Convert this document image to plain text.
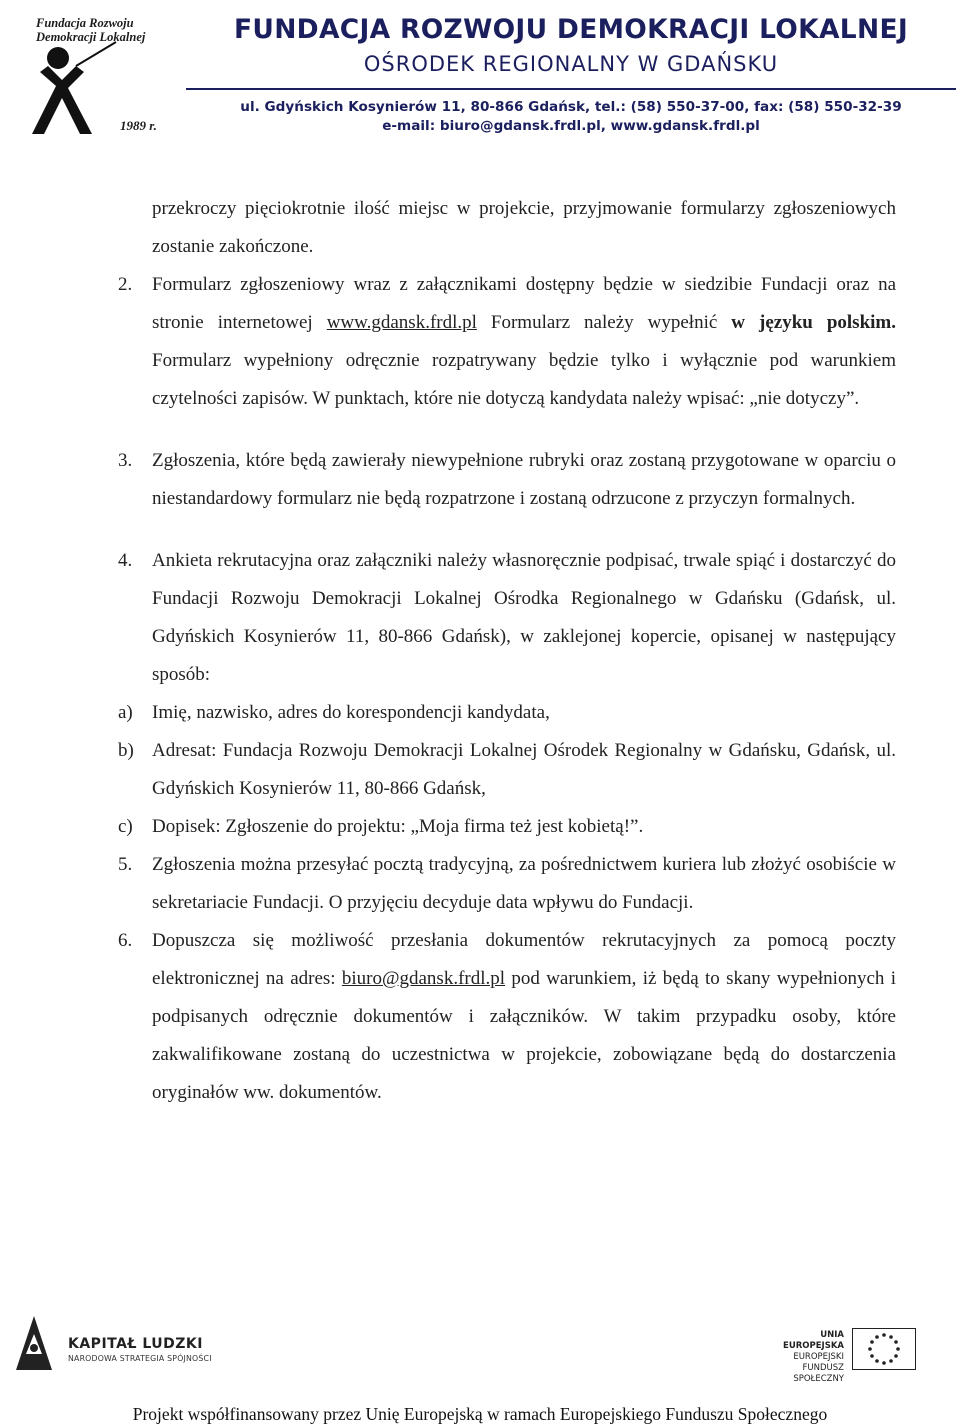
Fundacja Rozwoju
Demokracji Lokalnej
1989 r.
FUNDACJA ROZWOJU DEMOKRACJI LOKALNEJ
OŚRODEK REGIONALNY W GDAŃSKU
ul. Gdyńskich Kosynierów 11, 80-866 Gdańsk, tel.: (58) 550-37-00, fax: (58) 550-32-39
e-mail: biuro@gdansk.frdl.pl, www.gdansk.frdl.pl

przekroczy pięciokrotnie ilość miejsc w projekcie, przyjmowanie formularzy zgłoszeniowych zostanie zakończone.

2. Formularz zgłoszeniowy wraz z załącznikami dostępny będzie w siedzibie Fundacji oraz na stronie internetowej www.gdansk.frdl.pl Formularz należy wypełnić w języku polskim. Formularz wypełniony odręcznie rozpatrywany będzie tylko i wyłącznie pod warunkiem czytelności zapisów. W punktach, które nie dotyczą kandydata należy wpisać: „nie dotyczy”.

3. Zgłoszenia, które będą zawierały niewypełnione rubryki oraz zostaną przygotowane w oparciu o niestandardowy formularz nie będą rozpatrzone i zostaną odrzucone z przyczyn formalnych.

4. Ankieta rekrutacyjna oraz załączniki należy własnoręcznie podpisać, trwale spiąć i dostarczyć do Fundacji Rozwoju Demokracji Lokalnej Ośrodka Regionalnego w Gdańsku (Gdańsk, ul. Gdyńskich Kosynierów 11, 80-866 Gdańsk), w zaklejonej kopercie, opisanej w następujący sposób:

a) Imię, nazwisko, adres do korespondencji kandydata,

b) Adresat: Fundacja Rozwoju Demokracji Lokalnej Ośrodek Regionalny w Gdańsku, Gdańsk, ul. Gdyńskich Kosynierów 11, 80-866 Gdańsk,

c) Dopisek: Zgłoszenie do projektu: „Moja firma też jest kobietą!”.

5. Zgłoszenia można przesyłać pocztą tradycyjną, za pośrednictwem kuriera lub złożyć osobiście w sekretariacie Fundacji. O przyjęciu decyduje data wpływu do Fundacji.

6. Dopuszcza się możliwość przesłania dokumentów rekrutacyjnych za pomocą poczty elektronicznej na adres: biuro@gdansk.frdl.pl pod warunkiem, iż będą to skany wypełnionych i podpisanych odręcznie dokumentów i załączników. W takim przypadku osoby, które zakwalifikowane zostaną do uczestnictwa w projekcie, zobowiązane będą do dostarczenia oryginałów ww. dokumentów.

KAPITAŁ LUDZKI
NARODOWA STRATEGIA SPÓJNOŚCI
UNIA EUROPEJSKA
EUROPEJSKI
FUNDUSZ SPOŁECZNY
Projekt współfinansowany przez Unię Europejską w ramach Europejskiego Funduszu Społecznego
